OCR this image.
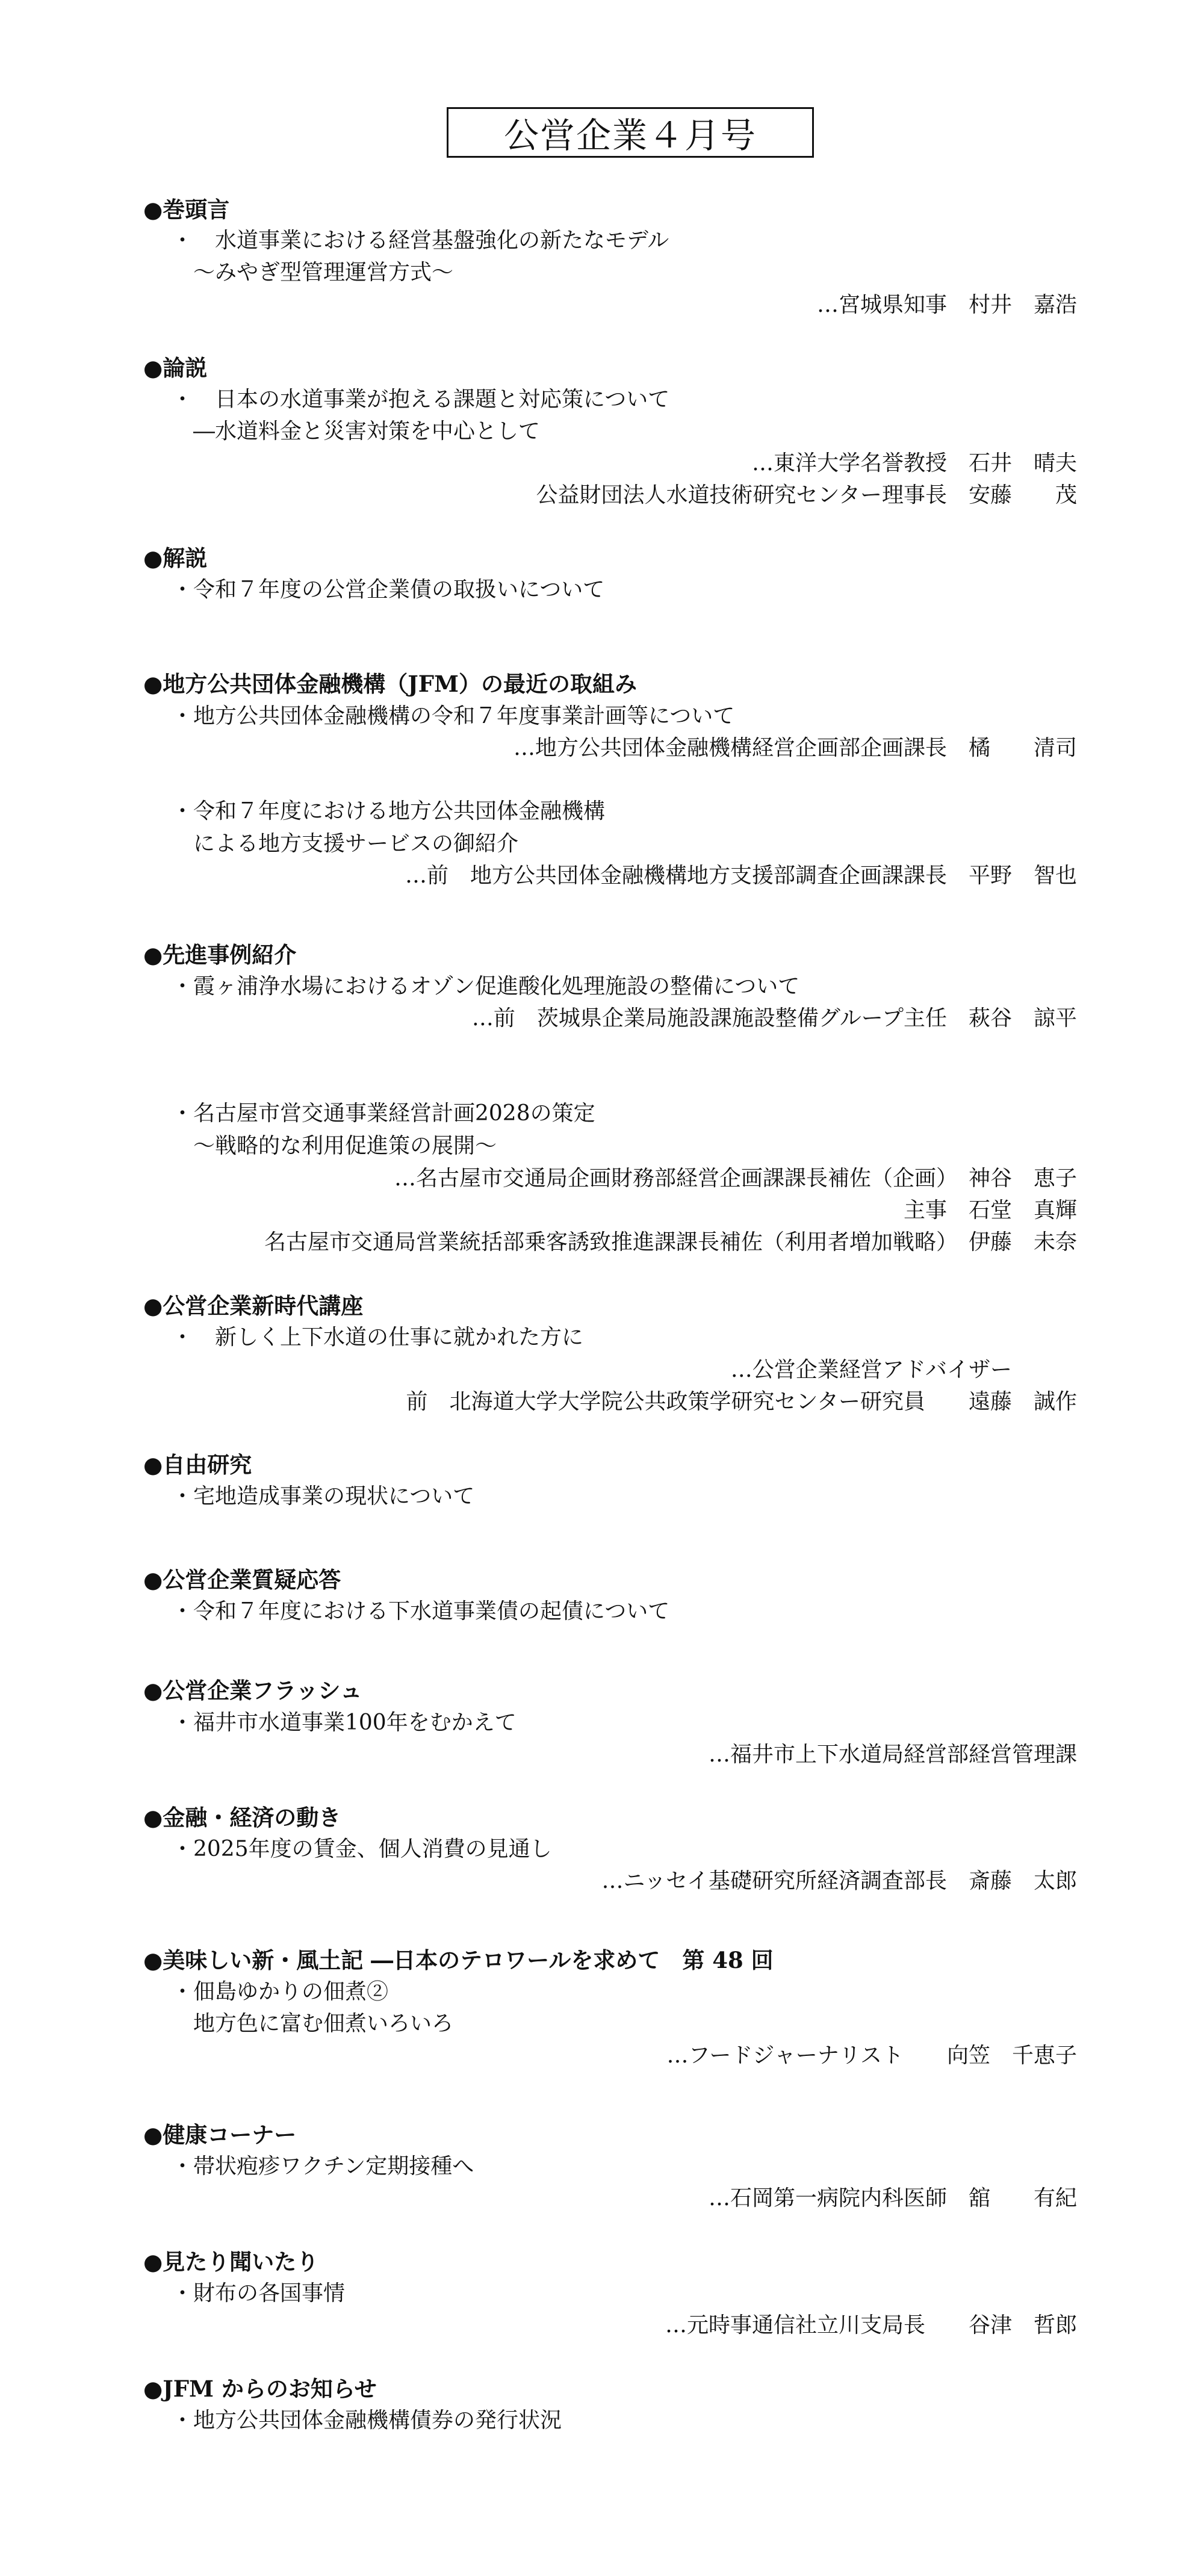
公営企業４月号
●巻頭言
・　水道事業における経営基盤強化の新たなモデル
　～みやぎ型管理運営方式～
…宮城県知事　村井　嘉浩
●論説
・　日本の水道事業が抱える課題と対応策について
　―水道料金と災害対策を中心として
…東洋大学名誉教授　石井　晴夫
公益財団法人水道技術研究センター理事長　安藤　　茂
●解説
・令和７年度の公営企業債の取扱いについて
●地方公共団体金融機構（JFM）の最近の取組み
・地方公共団体金融機構の令和７年度事業計画等について
…地方公共団体金融機構経営企画部企画課長　橘　　清司
・令和７年度における地方公共団体金融機構
　による地方支援サービスの御紹介
…前　地方公共団体金融機構地方支援部調査企画課課長　平野　智也
●先進事例紹介
・霞ヶ浦浄水場におけるオゾン促進酸化処理施設の整備について
…前　茨城県企業局施設課施設整備グループ主任　萩谷　諒平
・名古屋市営交通事業経営計画2028の策定
　～戦略的な利用促進策の展開～
…名古屋市交通局企画財務部経営企画課課長補佐（企画）　神谷　恵子
主事　石堂　真輝
名古屋市交通局営業統括部乗客誘致推進課課長補佐（利用者増加戦略）　伊藤　未奈
●公営企業新時代講座
・　新しく上下水道の仕事に就かれた方に
…公営企業経営アドバイザー　　　
前　北海道大学大学院公共政策学研究センター研究員　　遠藤　誠作
●自由研究
・宅地造成事業の現状について
●公営企業質疑応答
・令和７年度における下水道事業債の起債について
●公営企業フラッシュ
・福井市水道事業100年をむかえて
…福井市上下水道局経営部経営管理課
●金融・経済の動き
・2025年度の賃金、個人消費の見通し
…ニッセイ基礎研究所経済調査部長　斎藤　太郎
●美味しい新・風土記 ―日本のテロワールを求めて　第 48 回
・佃島ゆかりの佃煮②
　地方色に富む佃煮いろいろ
…フードジャーナリスト　　向笠　千恵子
●健康コーナー
・帯状疱疹ワクチン定期接種へ
…石岡第一病院内科医師　舘　　有紀
●見たり聞いたり
・財布の各国事情
…元時事通信社立川支局長　　谷津　哲郎
●JFM からのお知らせ
・地方公共団体金融機構債券の発行状況
